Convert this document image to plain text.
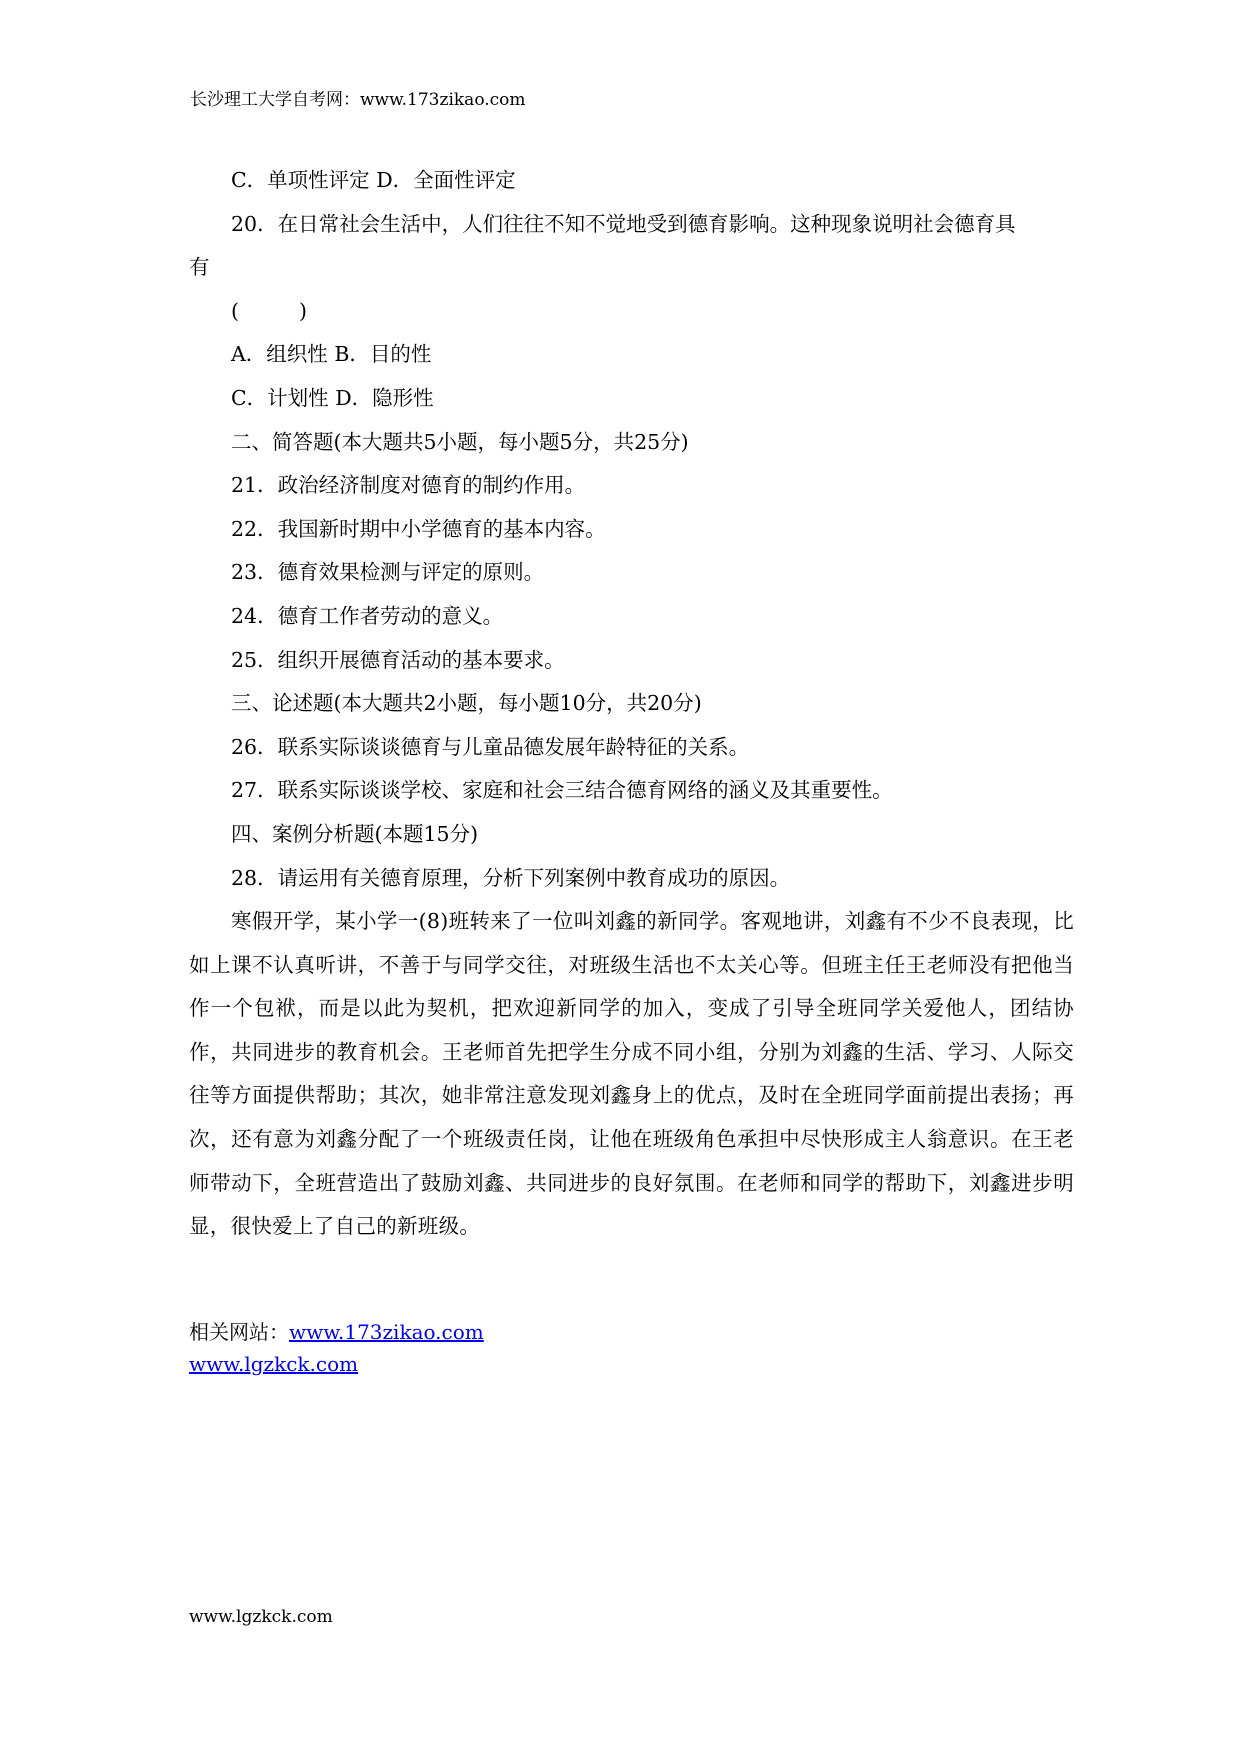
长沙理工大学自考网：www.173zikao.com
C．单项性评定 D．全面性评定
20．在日常社会生活中，人们往往不知不觉地受到德育影响。这种现象说明社会德育具
有
(	)
A．组织性 B．目的性
C．计划性 D．隐形性
二、简答题(本大题共5小题，每小题5分，共25分)
21．政治经济制度对德育的制约作用。
22．我国新时期中小学德育的基本内容。
23．德育效果检测与评定的原则。
24．德育工作者劳动的意义。
25．组织开展德育活动的基本要求。
三、论述题(本大题共2小题，每小题10分，共20分)
26．联系实际谈谈德育与儿童品德发展年龄特征的关系。
27．联系实际谈谈学校、家庭和社会三结合德育网络的涵义及其重要性。
四、案例分析题(本题15分)
28．请运用有关德育原理，分析下列案例中教育成功的原因。
寒假开学，某小学一(8)班转来了一位叫刘鑫的新同学。客观地讲，刘鑫有不少不良表现，比如上课不认真听讲，不善于与同学交往，对班级生活也不太关心等。但班主任王老师没有把他当作一个包袱，而是以此为契机，把欢迎新同学的加入，变成了引导全班同学关爱他人，团结协作，共同进步的教育机会。王老师首先把学生分成不同小组，分别为刘鑫的生活、学习、人际交往等方面提供帮助；其次，她非常注意发现刘鑫身上的优点，及时在全班同学面前提出表扬；再次，还有意为刘鑫分配了一个班级责任岗，让他在班级角色承担中尽快形成主人翁意识。在王老师带动下，全班营造出了鼓励刘鑫、共同进步的良好氛围。在老师和同学的帮助下，刘鑫进步明显，很快爱上了自己的新班级。
相关网站：www.173zikao.com
www.lgzkck.com
www.lgzkck.com
